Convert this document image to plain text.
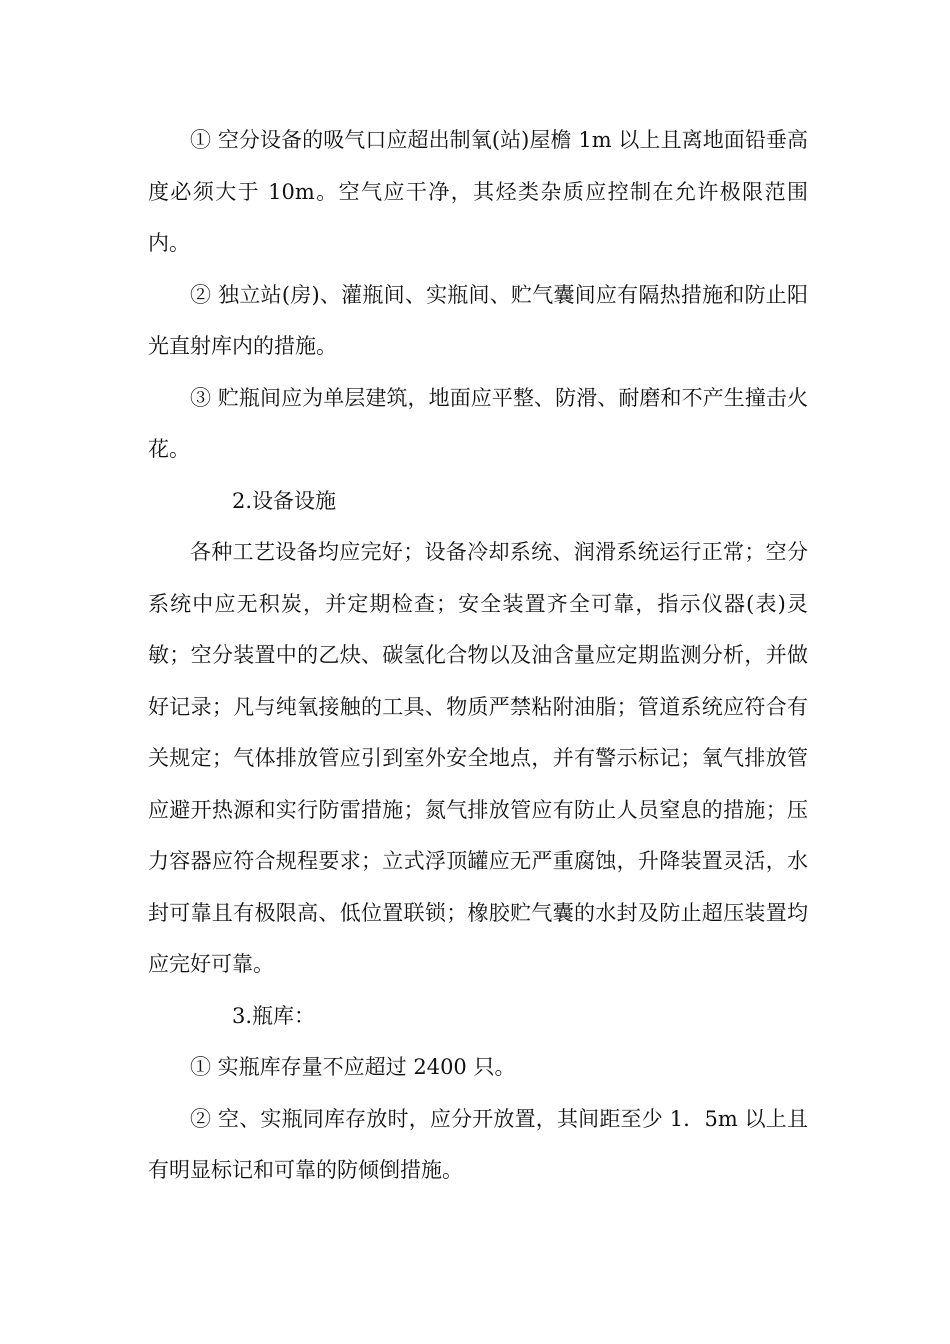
① 空分设备的吸气口应超出制氧(站)屋檐 1m 以上且离地面铅垂高度必须大于 10m。空气应干净，其烃类杂质应控制在允许极限范围内。

② 独立站(房)、灌瓶间、实瓶间、贮气囊间应有隔热措施和防止阳光直射库内的措施。

③ 贮瓶间应为单层建筑，地面应平整、防滑、耐磨和不产生撞击火花。

2.设备设施

各种工艺设备均应完好；设备冷却系统、润滑系统运行正常；空分系统中应无积炭，并定期检查；安全装置齐全可靠，指示仪器(表)灵敏；空分装置中的乙炔、碳氢化合物以及油含量应定期监测分析，并做好记录；凡与纯氧接触的工具、物质严禁粘附油脂；管道系统应符合有关规定；气体排放管应引到室外安全地点，并有警示标记；氧气排放管应避开热源和实行防雷措施；氮气排放管应有防止人员窒息的措施；压力容器应符合规程要求；立式浮顶罐应无严重腐蚀，升降装置灵活，水封可靠且有极限高、低位置联锁；橡胶贮气囊的水封及防止超压装置均应完好可靠。

3.瓶库：

① 实瓶库存量不应超过 2400 只。

② 空、实瓶同库存放时，应分开放置，其间距至少 1．5m 以上且有明显标记和可靠的防倾倒措施。
